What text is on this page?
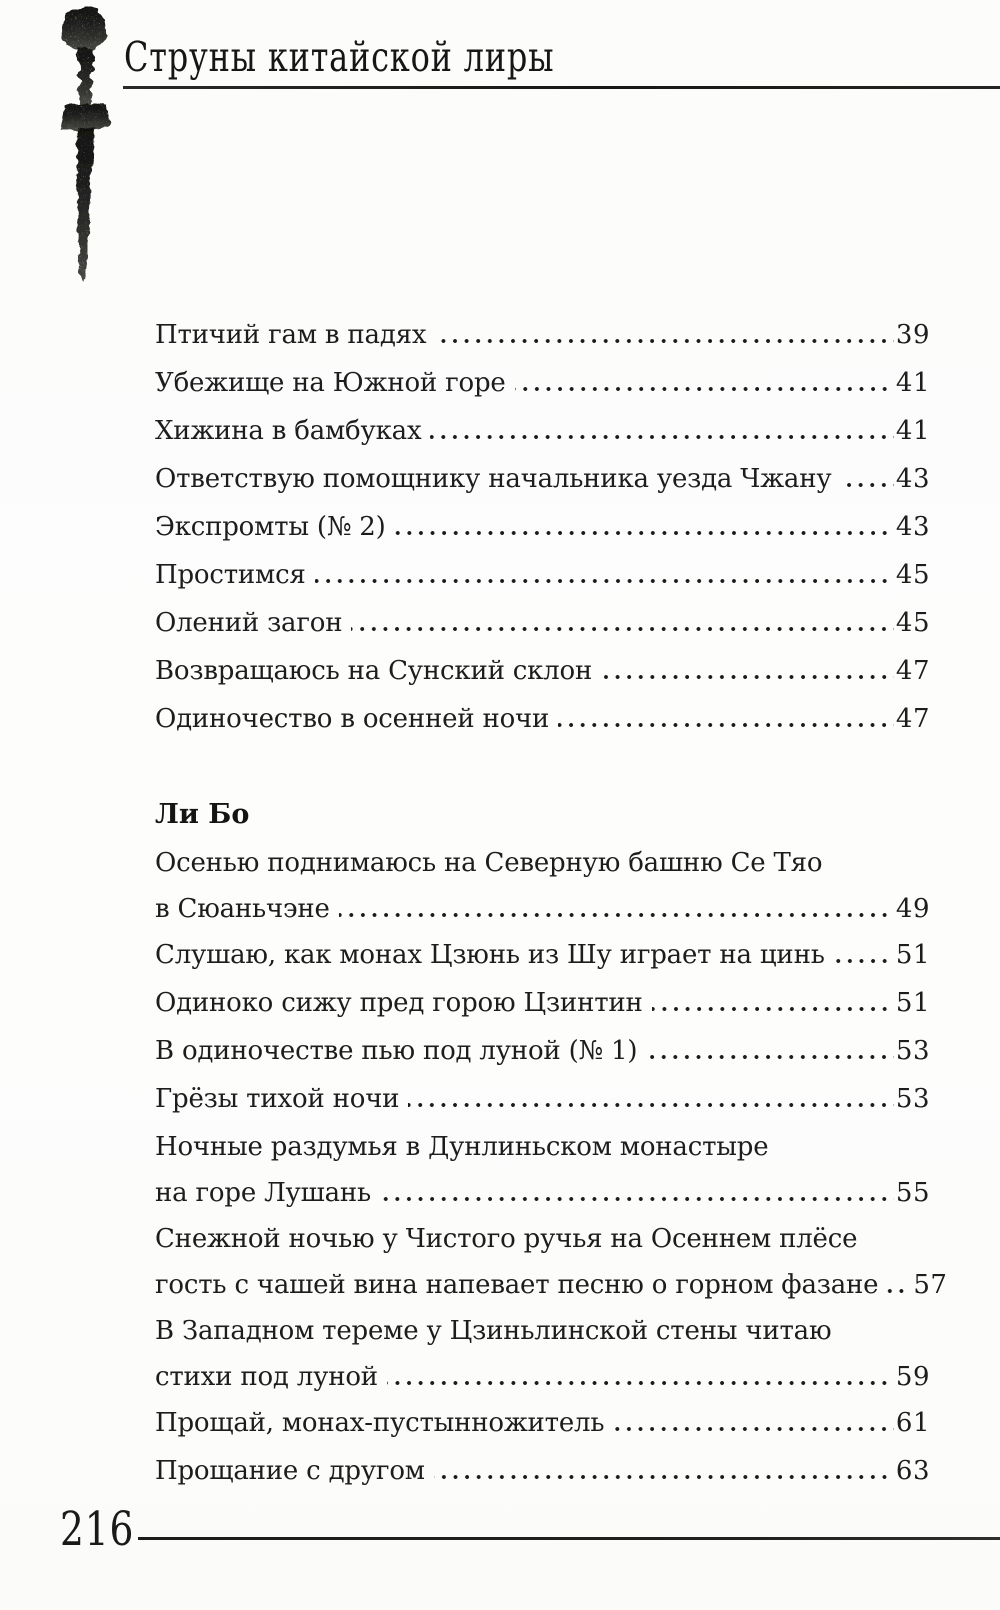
Струны китайской лиры
Птичий гам в падях	39
Убежище на Южной горе	41
Хижина в бамбуках	41
Ответствую помощнику начальника уезда Чжану 43
Экспромты (№ 2)	43
Простимся	45
Олений загон	45
Возвращаюсь на Сунский склон	47
Одиночество в осенней ночи	47
Ли Бо
Осенью поднимаюсь на Северную башню Се Тяо
в Сюаньчэне	49
Слушаю, как монах Цзюнь из Шу играет на цинь	51
Одиноко сижу пред горою Цзинтин	51
В одиночестве пью под луной (№ 1)	53
Грёзы тихой ночи	53
Ночные раздумья в Дунлиньском монастыре
на горе Лушань	55
Снежной ночью у Чистого ручья на Осеннем плёсе
гость с чашей вина напевает песню о горном фазане 57
В Западном тереме у Цзиньлинской стены читаю
стихи под луной	59
Прощай, монах-пустынножитель	61
Прощание с другом	63
216
